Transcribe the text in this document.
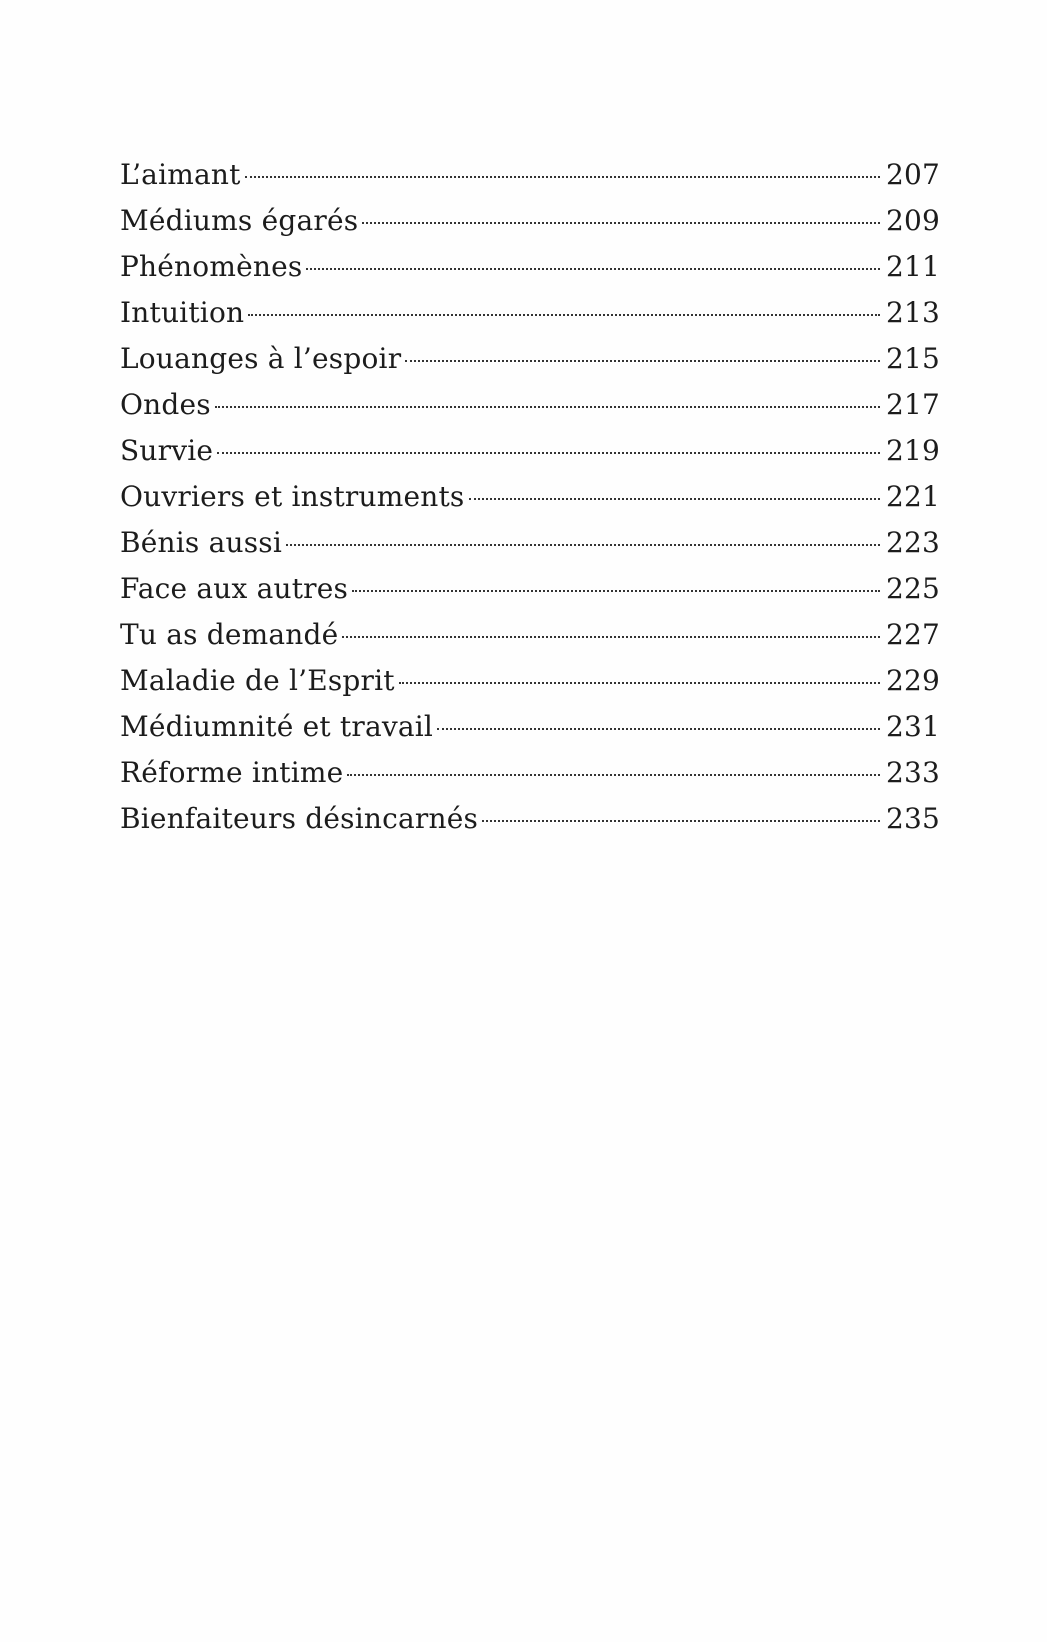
L’aimant	207
Médiums égarés	209
Phénomènes	211
Intuition	213
Louanges à l’espoir	215
Ondes	217
Survie	219
Ouvriers et instruments	221
Bénis aussi	223
Face aux autres	225
Tu as demandé	227
Maladie de l’Esprit	229
Médiumnité et travail	231
Réforme intime	233
Bienfaiteurs désincarnés	235
